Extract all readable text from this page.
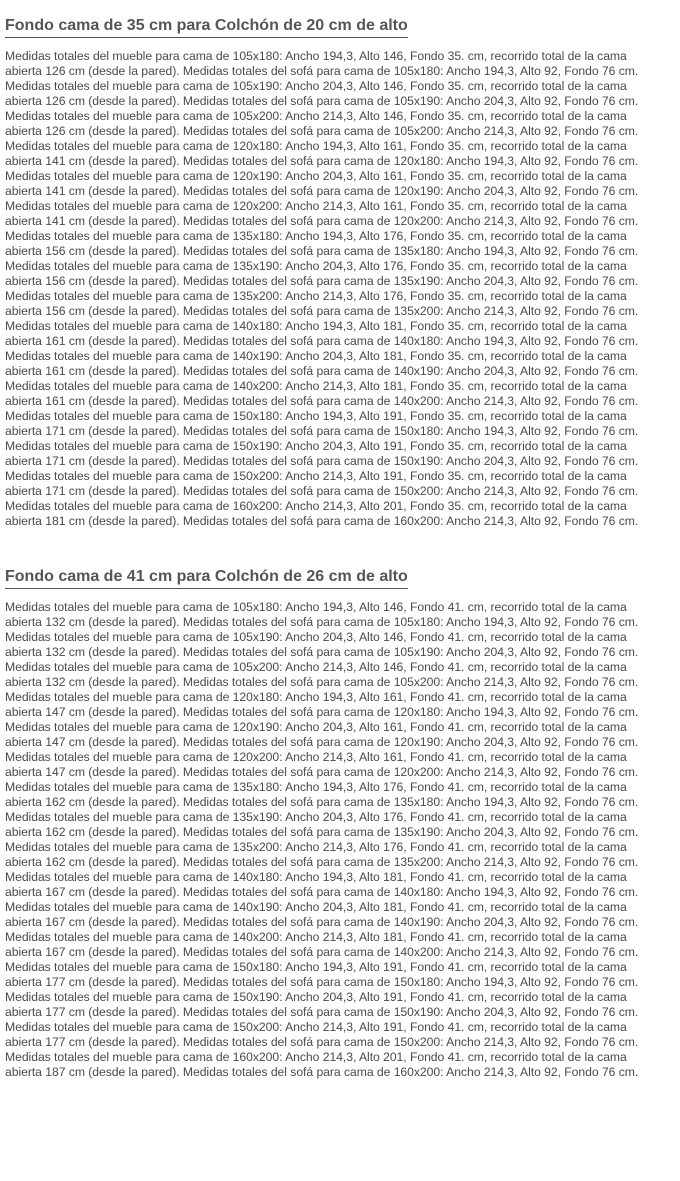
Fondo cama de 35 cm para Colchón de 20 cm de alto

Medidas totales del mueble para cama de 105x180: Ancho 194,3, Alto 146, Fondo 35. cm, recorrido total de la cama
abierta 126 cm (desde la pared). Medidas totales del sofá para cama de 105x180: Ancho 194,3, Alto 92, Fondo 76 cm.
Medidas totales del mueble para cama de 105x190: Ancho 204,3, Alto 146, Fondo 35. cm, recorrido total de la cama
abierta 126 cm (desde la pared). Medidas totales del sofá para cama de 105x190: Ancho 204,3, Alto 92, Fondo 76 cm.
Medidas totales del mueble para cama de 105x200: Ancho 214,3, Alto 146, Fondo 35. cm, recorrido total de la cama
abierta 126 cm (desde la pared). Medidas totales del sofá para cama de 105x200: Ancho 214,3, Alto 92, Fondo 76 cm.
Medidas totales del mueble para cama de 120x180: Ancho 194,3, Alto 161, Fondo 35. cm, recorrido total de la cama
abierta 141 cm (desde la pared). Medidas totales del sofá para cama de 120x180: Ancho 194,3, Alto 92, Fondo 76 cm.
Medidas totales del mueble para cama de 120x190: Ancho 204,3, Alto 161, Fondo 35. cm, recorrido total de la cama
abierta 141 cm (desde la pared). Medidas totales del sofá para cama de 120x190: Ancho 204,3, Alto 92, Fondo 76 cm.
Medidas totales del mueble para cama de 120x200: Ancho 214,3, Alto 161, Fondo 35. cm, recorrido total de la cama
abierta 141 cm (desde la pared). Medidas totales del sofá para cama de 120x200: Ancho 214,3, Alto 92, Fondo 76 cm.
Medidas totales del mueble para cama de 135x180: Ancho 194,3, Alto 176, Fondo 35. cm, recorrido total de la cama
abierta 156 cm (desde la pared). Medidas totales del sofá para cama de 135x180: Ancho 194,3, Alto 92, Fondo 76 cm.
Medidas totales del mueble para cama de 135x190: Ancho 204,3, Alto 176, Fondo 35. cm, recorrido total de la cama
abierta 156 cm (desde la pared). Medidas totales del sofá para cama de 135x190: Ancho 204,3, Alto 92, Fondo 76 cm.
Medidas totales del mueble para cama de 135x200: Ancho 214,3, Alto 176, Fondo 35. cm, recorrido total de la cama
abierta 156 cm (desde la pared). Medidas totales del sofá para cama de 135x200: Ancho 214,3, Alto 92, Fondo 76 cm.
Medidas totales del mueble para cama de 140x180: Ancho 194,3, Alto 181, Fondo 35. cm, recorrido total de la cama
abierta 161 cm (desde la pared). Medidas totales del sofá para cama de 140x180: Ancho 194,3, Alto 92, Fondo 76 cm.
Medidas totales del mueble para cama de 140x190: Ancho 204,3, Alto 181, Fondo 35. cm, recorrido total de la cama
abierta 161 cm (desde la pared). Medidas totales del sofá para cama de 140x190: Ancho 204,3, Alto 92, Fondo 76 cm.
Medidas totales del mueble para cama de 140x200: Ancho 214,3, Alto 181, Fondo 35. cm, recorrido total de la cama
abierta 161 cm (desde la pared). Medidas totales del sofá para cama de 140x200: Ancho 214,3, Alto 92, Fondo 76 cm.
Medidas totales del mueble para cama de 150x180: Ancho 194,3, Alto 191, Fondo 35. cm, recorrido total de la cama
abierta 171 cm (desde la pared). Medidas totales del sofá para cama de 150x180: Ancho 194,3, Alto 92, Fondo 76 cm.
Medidas totales del mueble para cama de 150x190: Ancho 204,3, Alto 191, Fondo 35. cm, recorrido total de la cama
abierta 171 cm (desde la pared). Medidas totales del sofá para cama de 150x190: Ancho 204,3, Alto 92, Fondo 76 cm.
Medidas totales del mueble para cama de 150x200: Ancho 214,3, Alto 191, Fondo 35. cm, recorrido total de la cama
abierta 171 cm (desde la pared). Medidas totales del sofá para cama de 150x200: Ancho 214,3, Alto 92, Fondo 76 cm.
Medidas totales del mueble para cama de 160x200: Ancho 214,3, Alto 201, Fondo 35. cm, recorrido total de la cama
abierta 181 cm (desde la pared). Medidas totales del sofá para cama de 160x200: Ancho 214,3, Alto 92, Fondo 76 cm.

Fondo cama de 41 cm para Colchón de 26 cm de alto

Medidas totales del mueble para cama de 105x180: Ancho 194,3, Alto 146, Fondo 41. cm, recorrido total de la cama
abierta 132 cm (desde la pared). Medidas totales del sofá para cama de 105x180: Ancho 194,3, Alto 92, Fondo 76 cm.
Medidas totales del mueble para cama de 105x190: Ancho 204,3, Alto 146, Fondo 41. cm, recorrido total de la cama
abierta 132 cm (desde la pared). Medidas totales del sofá para cama de 105x190: Ancho 204,3, Alto 92, Fondo 76 cm.
Medidas totales del mueble para cama de 105x200: Ancho 214,3, Alto 146, Fondo 41. cm, recorrido total de la cama
abierta 132 cm (desde la pared). Medidas totales del sofá para cama de 105x200: Ancho 214,3, Alto 92, Fondo 76 cm.
Medidas totales del mueble para cama de 120x180: Ancho 194,3, Alto 161, Fondo 41. cm, recorrido total de la cama
abierta 147 cm (desde la pared). Medidas totales del sofá para cama de 120x180: Ancho 194,3, Alto 92, Fondo 76 cm.
Medidas totales del mueble para cama de 120x190: Ancho 204,3, Alto 161, Fondo 41. cm, recorrido total de la cama
abierta 147 cm (desde la pared). Medidas totales del sofá para cama de 120x190: Ancho 204,3, Alto 92, Fondo 76 cm.
Medidas totales del mueble para cama de 120x200: Ancho 214,3, Alto 161, Fondo 41. cm, recorrido total de la cama
abierta 147 cm (desde la pared). Medidas totales del sofá para cama de 120x200: Ancho 214,3, Alto 92, Fondo 76 cm.
Medidas totales del mueble para cama de 135x180: Ancho 194,3, Alto 176, Fondo 41. cm, recorrido total de la cama
abierta 162 cm (desde la pared). Medidas totales del sofá para cama de 135x180: Ancho 194,3, Alto 92, Fondo 76 cm.
Medidas totales del mueble para cama de 135x190: Ancho 204,3, Alto 176, Fondo 41. cm, recorrido total de la cama
abierta 162 cm (desde la pared). Medidas totales del sofá para cama de 135x190: Ancho 204,3, Alto 92, Fondo 76 cm.
Medidas totales del mueble para cama de 135x200: Ancho 214,3, Alto 176, Fondo 41. cm, recorrido total de la cama
abierta 162 cm (desde la pared). Medidas totales del sofá para cama de 135x200: Ancho 214,3, Alto 92, Fondo 76 cm.
Medidas totales del mueble para cama de 140x180: Ancho 194,3, Alto 181, Fondo 41. cm, recorrido total de la cama
abierta 167 cm (desde la pared). Medidas totales del sofá para cama de 140x180: Ancho 194,3, Alto 92, Fondo 76 cm.
Medidas totales del mueble para cama de 140x190: Ancho 204,3, Alto 181, Fondo 41. cm, recorrido total de la cama
abierta 167 cm (desde la pared). Medidas totales del sofá para cama de 140x190: Ancho 204,3, Alto 92, Fondo 76 cm.
Medidas totales del mueble para cama de 140x200: Ancho 214,3, Alto 181, Fondo 41. cm, recorrido total de la cama
abierta 167 cm (desde la pared). Medidas totales del sofá para cama de 140x200: Ancho 214,3, Alto 92, Fondo 76 cm.
Medidas totales del mueble para cama de 150x180: Ancho 194,3, Alto 191, Fondo 41. cm, recorrido total de la cama
abierta 177 cm (desde la pared). Medidas totales del sofá para cama de 150x180: Ancho 194,3, Alto 92, Fondo 76 cm.
Medidas totales del mueble para cama de 150x190: Ancho 204,3, Alto 191, Fondo 41. cm, recorrido total de la cama
abierta 177 cm (desde la pared). Medidas totales del sofá para cama de 150x190: Ancho 204,3, Alto 92, Fondo 76 cm.
Medidas totales del mueble para cama de 150x200: Ancho 214,3, Alto 191, Fondo 41. cm, recorrido total de la cama
abierta 177 cm (desde la pared). Medidas totales del sofá para cama de 150x200: Ancho 214,3, Alto 92, Fondo 76 cm.
Medidas totales del mueble para cama de 160x200: Ancho 214,3, Alto 201, Fondo 41. cm, recorrido total de la cama
abierta 187 cm (desde la pared). Medidas totales del sofá para cama de 160x200: Ancho 214,3, Alto 92, Fondo 76 cm.
